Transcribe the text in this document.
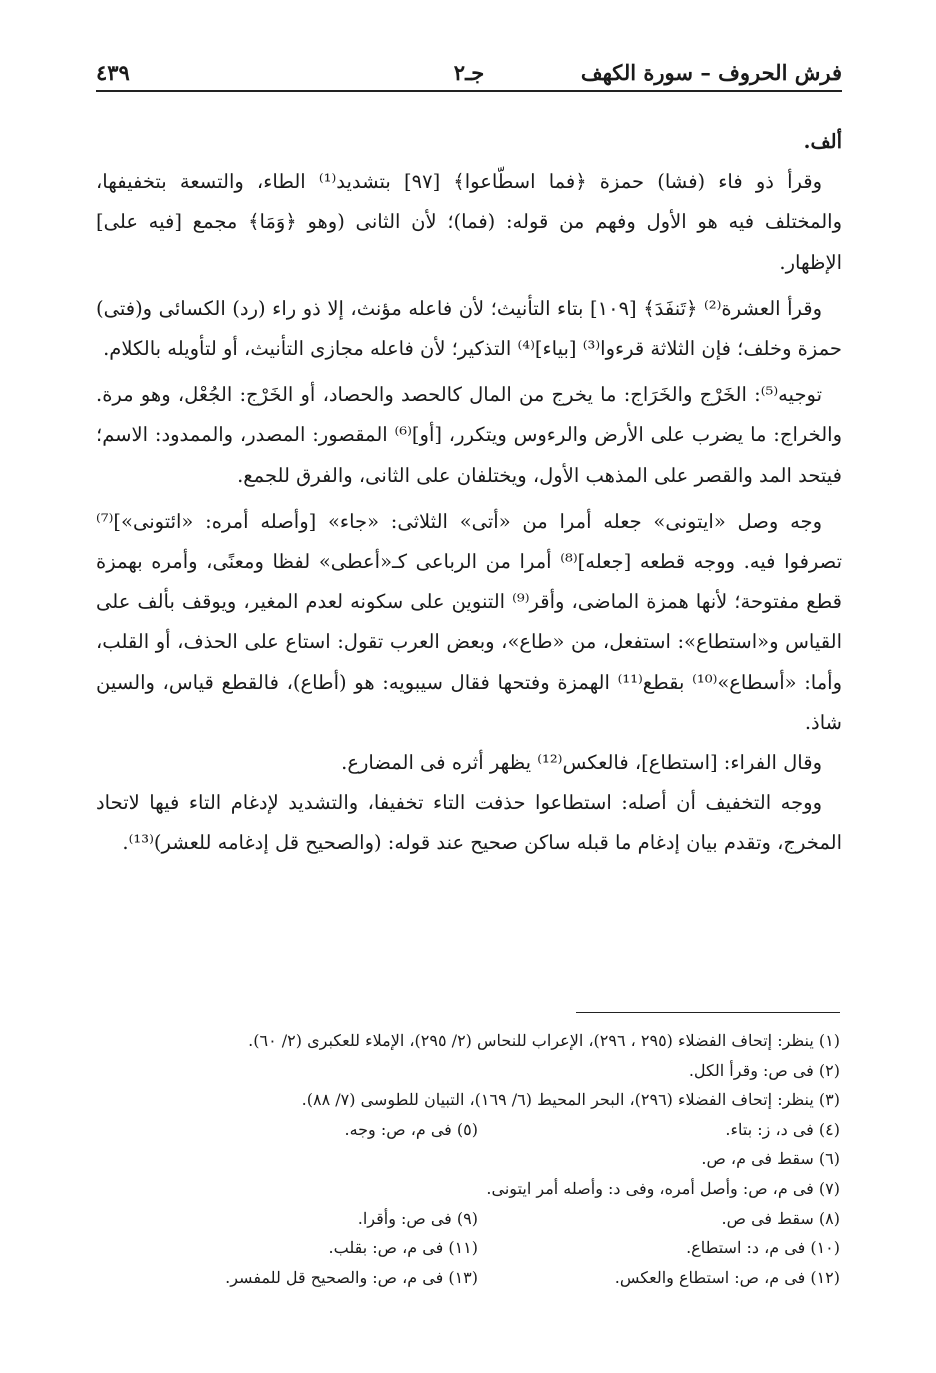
فرش الحروف – سورة الكهف
جـ٢
٤٣٩

ألف.

وقرأ ذو فاء (فشا) حمزة ﴿فما اسطّاعوا﴾ [٩٧] بتشديد⁽¹⁾ الطاء، والتسعة بتخفيفها، والمختلف فيه هو الأول وفهم من قوله: (فما)؛ لأن الثانى (وهو ﴿وَمَا﴾ مجمع [فيه على] الإظهار.

وقرأ العشرة⁽²⁾ ﴿تَنفَدَ﴾ [١٠٩] بتاء التأنيث؛ لأن فاعله مؤنث، إلا ذو راء (رد) الكسائى و(فتى) حمزة وخلف؛ فإن الثلاثة قرءوا⁽³⁾ [بياء]⁽⁴⁾ التذكير؛ لأن فاعله مجازى التأنيث، أو لتأويله بالكلام.

توجيه⁽⁵⁾: الخَرْج والخَرَاج: ما يخرج من المال كالحصد والحصاد، أو الخَرْج: الجُعْل، وهو مرة. والخراج: ما يضرب على الأرض والرءوس ويتكرر، [أو]⁽⁶⁾ المقصور: المصدر، والممدود: الاسم؛ فيتحد المد والقصر على المذهب الأول، ويختلفان على الثانى، والفرق للجمع.

وجه وصل «ايتونى» جعله أمرا من «أتى» الثلاثى: «جاء» [وأصله أمره: «ائتونى»]⁽⁷⁾ تصرفوا فيه. ووجه قطعه [جعله]⁽⁸⁾ أمرا من الرباعى كـ«أعطى» لفظا ومعنًى، وأمره بهمزة قطع مفتوحة؛ لأنها همزة الماضى، وأقر⁽⁹⁾ التنوين على سكونه لعدم المغير، ويوقف بألف على القياس و«استطاع»: استفعل، من «طاع»، وبعض العرب تقول: استاع على الحذف، أو القلب، وأما: «أسطاع»⁽¹⁰⁾ بقطع⁽¹¹⁾ الهمزة وفتحها فقال سيبويه: هو (أطاع)، فالقطع قياس، والسين شاذ.

وقال الفراء: [استطاع]، فالعكس⁽¹²⁾ يظهر أثره فى المضارع.

ووجه التخفيف أن أصله: استطاعوا حذفت التاء تخفيفا، والتشديد لإدغام التاء فيها لاتحاد المخرج، وتقدم بيان إدغام ما قبله ساكن صحيح عند قوله: (والصحيح قل إدغامه للعشر)⁽¹³⁾.

(١) ينظر: إتحاف الفضلاء (٢٩٥ ، ٢٩٦)، الإعراب للنحاس (٢/ ٢٩٥)، الإملاء للعكبرى (٢/ ٦٠).

(٢) فى ص: وقرأ الكل.

(٣) ينظر: إتحاف الفضلاء (٢٩٦)، البحر المحيط (٦/ ١٦٩)، التبيان للطوسى (٧/ ٨٨).

(٤) فى د، ز: بتاء.
(٥) فى م، ص: وجه.

(٦) سقط فى م، ص.

(٧) فى م، ص: وأصل أمره، وفى د: وأصله أمر ايتونى.

(٨) سقط فى ص.
(٩) فى ص: وأقرا.
(١٠) فى م، د: استطاع.
(١١) فى م، ص: بقلب.
(١٢) فى م، ص: استطاع والعكس.
(١٣) فى م، ص: والصحيح قل للمفسر.
